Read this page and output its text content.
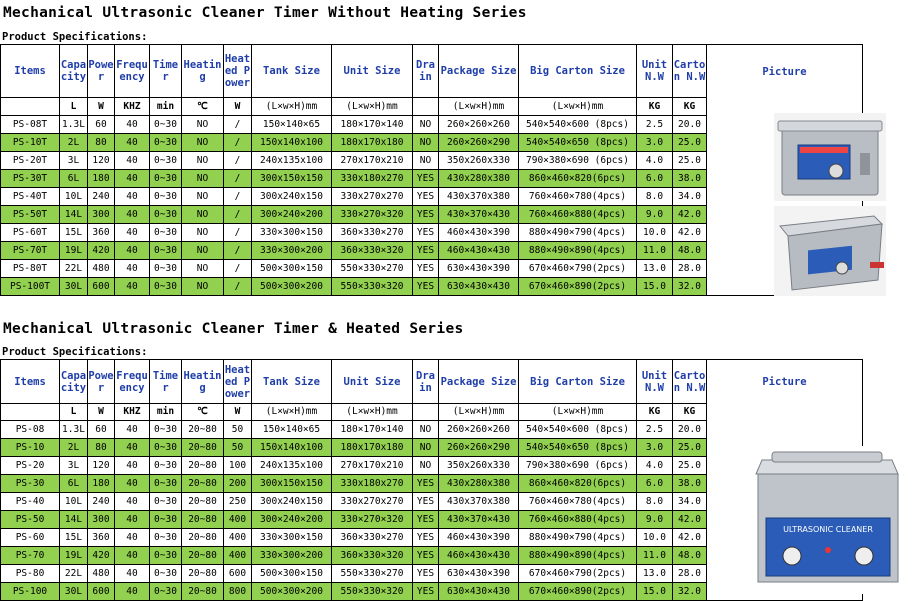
Mechanical Ultrasonic Cleaner Timer Without Heating Series
Product Specifications:
Items	Capacity	Power	Frequency	Timer	Heating	Heated Power	Tank Size	Unit Size	Drain	Package Size	Big Carton Size	Unit N.W	Carton N.W	Picture

	L	W	KHZ	min	℃	W	(L×w×H)mm	(L×w×H)mm		(L×w×H)mm	(L×w×H)mm	KG	KG	
PS-08T	1.3L	60	40	0~30	NO	/	150×140×65	180×170×140	NO	260×260×260	540×540×600 (8pcs)	2.5	20.0	
PS-10T	2L	80	40	0~30	NO	/	150x140x100	180x170x180	NO	260×260×290	540×540×650 (8pcs)	3.0	25.0	
PS-20T	3L	120	40	0~30	NO	/	240x135x100	270x170x210	NO	350x260x330	790×380×690 (6pcs)	4.0	25.0	
PS-30T	6L	180	40	0~30	NO	/	300x150x150	330x180x270	YES	430x280x380	860×460×820(6pcs)	6.0	38.0	
PS-40T	10L	240	40	0~30	NO	/	300x240x150	330x270x270	YES	430x370x380	760×460×780(4pcs)	8.0	34.0	
PS-50T	14L	300	40	0~30	NO	/	300×240×200	330×270×320	YES	430×370×430	760×460×880(4pcs)	9.0	42.0	
PS-60T	15L	360	40	0~30	NO	/	330×300×150	360×330×270	YES	460×430×390	880×490×790(4pcs)	10.0	42.0	
PS-70T	19L	420	40	0~30	NO	/	330×300×200	360×330×320	YES	460×430×430	880×490×890(4pcs)	11.0	48.0	
PS-80T	22L	480	40	0~30	NO	/	500×300×150	550×330×270	YES	630×430×390	670×460×790(2pcs)	13.0	28.0	
PS-100T	30L	600	40	0~30	NO	/	500×300×200	550×330×320	YES	630×430×430	670×460×890(2pcs)	15.0	32.0	
Mechanical Ultrasonic Cleaner Timer & Heated Series
Product Specifications:
Items	Capacity	Power	Frequency	Timer	Heating	Heated Power	Tank Size	Unit Size	Drain	Package Size	Big Carton Size	Unit N.W	Carton N.W	Picture

	L	W	KHZ	min	℃	W	(L×w×H)mm	(L×w×H)mm		(L×w×H)mm	(L×w×H)mm	KG	KG	
PS-08	1.3L	60	40	0~30	20~80	50	150×140×65	180×170×140	NO	260×260×260	540×540×600 (8pcs)	2.5	20.0	
PS-10	2L	80	40	0~30	20~80	50	150x140x100	180x170x180	NO	260×260×290	540×540×650 (8pcs)	3.0	25.0	
PS-20	3L	120	40	0~30	20~80	100	240x135x100	270x170x210	NO	350x260x330	790×380×690 (6pcs)	4.0	25.0	
PS-30	6L	180	40	0~30	20~80	200	300x150x150	330x180x270	YES	430x280x380	860×460×820(6pcs)	6.0	38.0	
PS-40	10L	240	40	0~30	20~80	250	300x240x150	330x270x270	YES	430x370x380	760×460×780(4pcs)	8.0	34.0	
PS-50	14L	300	40	0~30	20~80	400	300×240×200	330×270×320	YES	430×370×430	760×460×880(4pcs)	9.0	42.0	
PS-60	15L	360	40	0~30	20~80	400	330×300×150	360×330×270	YES	460×430×390	880×490×790(4pcs)	10.0	42.0	
PS-70	19L	420	40	0~30	20~80	400	330×300×200	360×330×320	YES	460×430×430	880×490×890(4pcs)	11.0	48.0	
PS-80	22L	480	40	0~30	20~80	600	500×300×150	550×330×270	YES	630×430×390	670×460×790(2pcs)	13.0	28.0	
PS-100	30L	600	40	0~30	20~80	800	500×300×200	550×330×320	YES	630×430×430	670×460×890(2pcs)	15.0	32.0	
ULTRASONIC CLEANER
